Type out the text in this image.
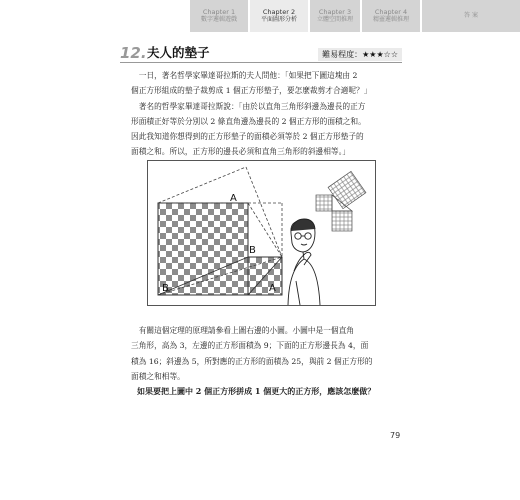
Chapter 1
數字邏輯遊戲
Chapter 2
平面圖形分析
Chapter 3
立體空間推理
Chapter 4
精靈邏輯推理
答 案
12. 夫人的墊子	難易程度：★★★☆☆
　一日，著名哲學家畢達哥拉斯的夫人問他：「如果把下圖這塊由 2
個正方形組成的墊子裁剪成 1 個正方形墊子，要怎麼裁剪才合適呢？」
　著名的哲學家畢達哥拉斯說：「由於以直角三角形斜邊為邊長的正方
形面積正好等於分別以 2 條直角邊為邊長的 2 個正方形的面積之和。
因此我知道你想得到的正方形墊子的面積必須等於 2 個正方形墊子的
面積之和。所以，正方形的邊長必須和直角三角形的斜邊相等。」
A
B
B	A
　有關這個定理的原理請參看上圖右邊的小圖。小圖中是一個直角
三角形，高為 3，左邊的正方形面積為 9；下面的正方形邊長為 4，面
積為 16；斜邊為 5，所對應的正方形的面積為 25，與前 2 個正方形的
面積之和相等。
如果要把上圖中 2 個正方形拼成 1 個更大的正方形，應該怎麼做？
79
